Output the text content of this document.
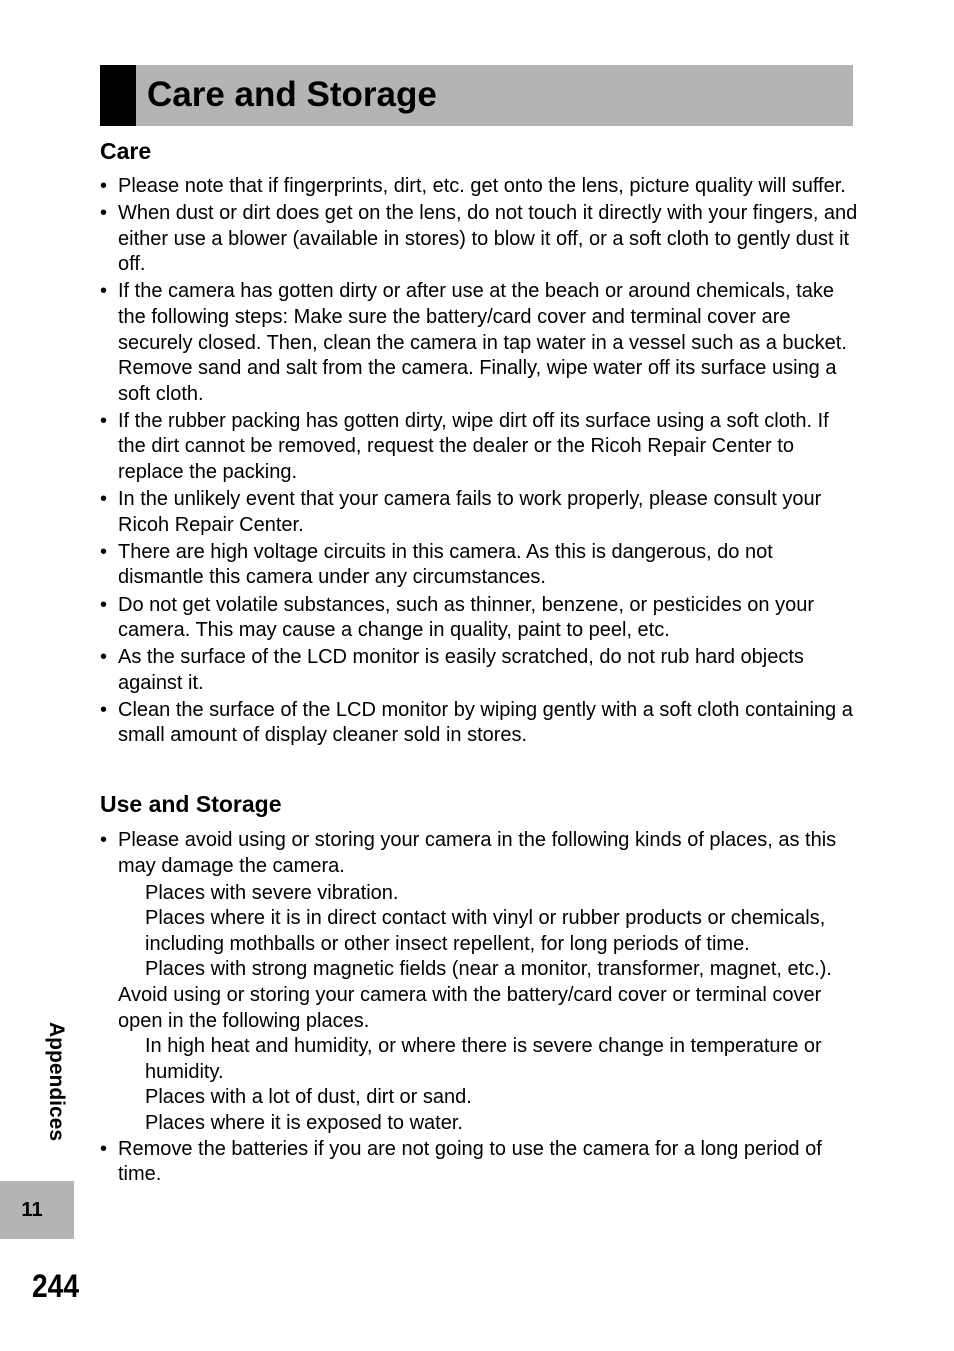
Care and Storage
Care
• Please note that if fingerprints, dirt, etc. get onto the lens, picture quality will suffer.
• When dust or dirt does get on the lens, do not touch it directly with your fingers, and either use a blower (available in stores) to blow it off, or a soft cloth to gently dust it off.
• If the camera has gotten dirty or after use at the beach or around chemicals, take the following steps: Make sure the battery/card cover and terminal cover are securely closed. Then, clean the camera in tap water in a vessel such as a bucket. Remove sand and salt from the camera. Finally, wipe water off its surface using a soft cloth.
• If the rubber packing has gotten dirty, wipe dirt off its surface using a soft cloth. If the dirt cannot be removed, request the dealer or the Ricoh Repair Center to replace the packing.
• In the unlikely event that your camera fails to work properly, please consult your Ricoh Repair Center.
• There are high voltage circuits in this camera. As this is dangerous, do not dismantle this camera under any circumstances.
• Do not get volatile substances, such as thinner, benzene, or pesticides on your camera. This may cause a change in quality, paint to peel, etc.
• As the surface of the LCD monitor is easily scratched, do not rub hard objects against it.
• Clean the surface of the LCD monitor by wiping gently with a soft cloth containing a small amount of display cleaner sold in stores.
Use and Storage
• Please avoid using or storing your camera in the following kinds of places, as this may damage the camera.
Places with severe vibration.
Places where it is in direct contact with vinyl or rubber products or chemicals, including mothballs or other insect repellent, for long periods of time.
Places with strong magnetic fields (near a monitor, transformer, magnet, etc.).
Avoid using or storing your camera with the battery/card cover or terminal cover open in the following places.
In high heat and humidity, or where there is severe change in temperature or humidity.
Places with a lot of dust, dirt or sand.
Places where it is exposed to water.
• Remove the batteries if you are not going to use the camera for a long period of time.
Appendices
11
244
